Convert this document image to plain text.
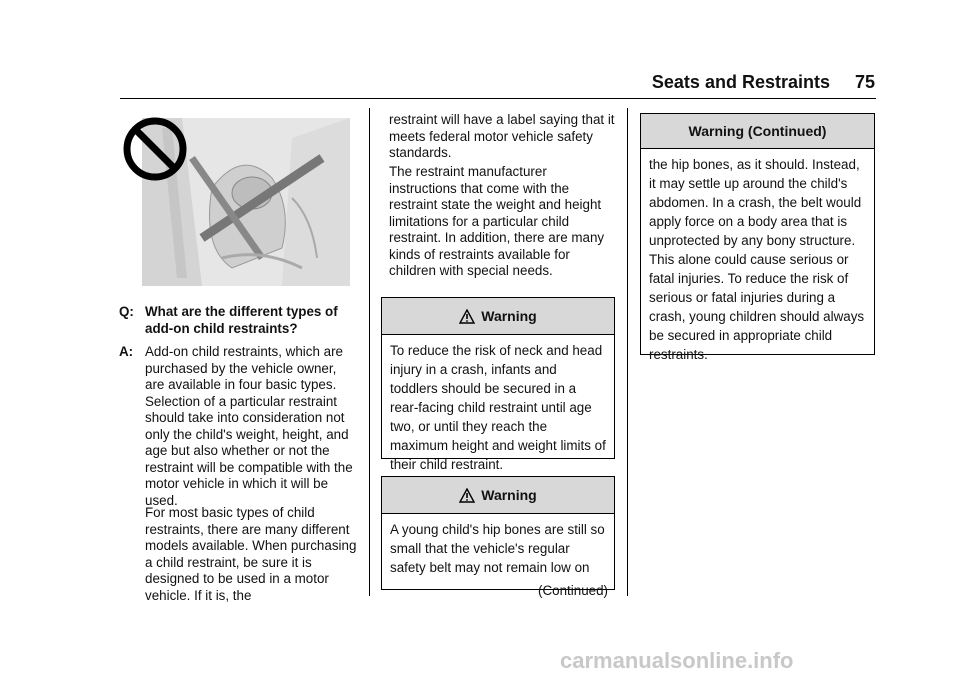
Seats and Restraints     75
Q: What are the different types of add-on child restraints?
A: Add-on child restraints, which are purchased by the vehicle owner, are available in four basic types. Selection of a particular restraint should take into consideration not only the child's weight, height, and age but also whether or not the restraint will be compatible with the motor vehicle in which it will be used.
For most basic types of child restraints, there are many different models available. When purchasing a child restraint, be sure it is designed to be used in a motor vehicle. If it is, the
restraint will have a label saying that it meets federal motor vehicle safety standards.
The restraint manufacturer instructions that come with the restraint state the weight and height limitations for a particular child restraint. In addition, there are many kinds of restraints available for children with special needs.
Warning
To reduce the risk of neck and head injury in a crash, infants and toddlers should be secured in a rear-facing child restraint until age two, or until they reach the maximum height and weight limits of their child restraint.
Warning
A young child's hip bones are still so small that the vehicle's regular safety belt may not remain low on
(Continued)
Warning (Continued)
the hip bones, as it should. Instead, it may settle up around the child's abdomen. In a crash, the belt would apply force on a body area that is unprotected by any bony structure. This alone could cause serious or fatal injuries. To reduce the risk of serious or fatal injuries during a crash, young children should always be secured in appropriate child restraints.
carmanualsonline.info
